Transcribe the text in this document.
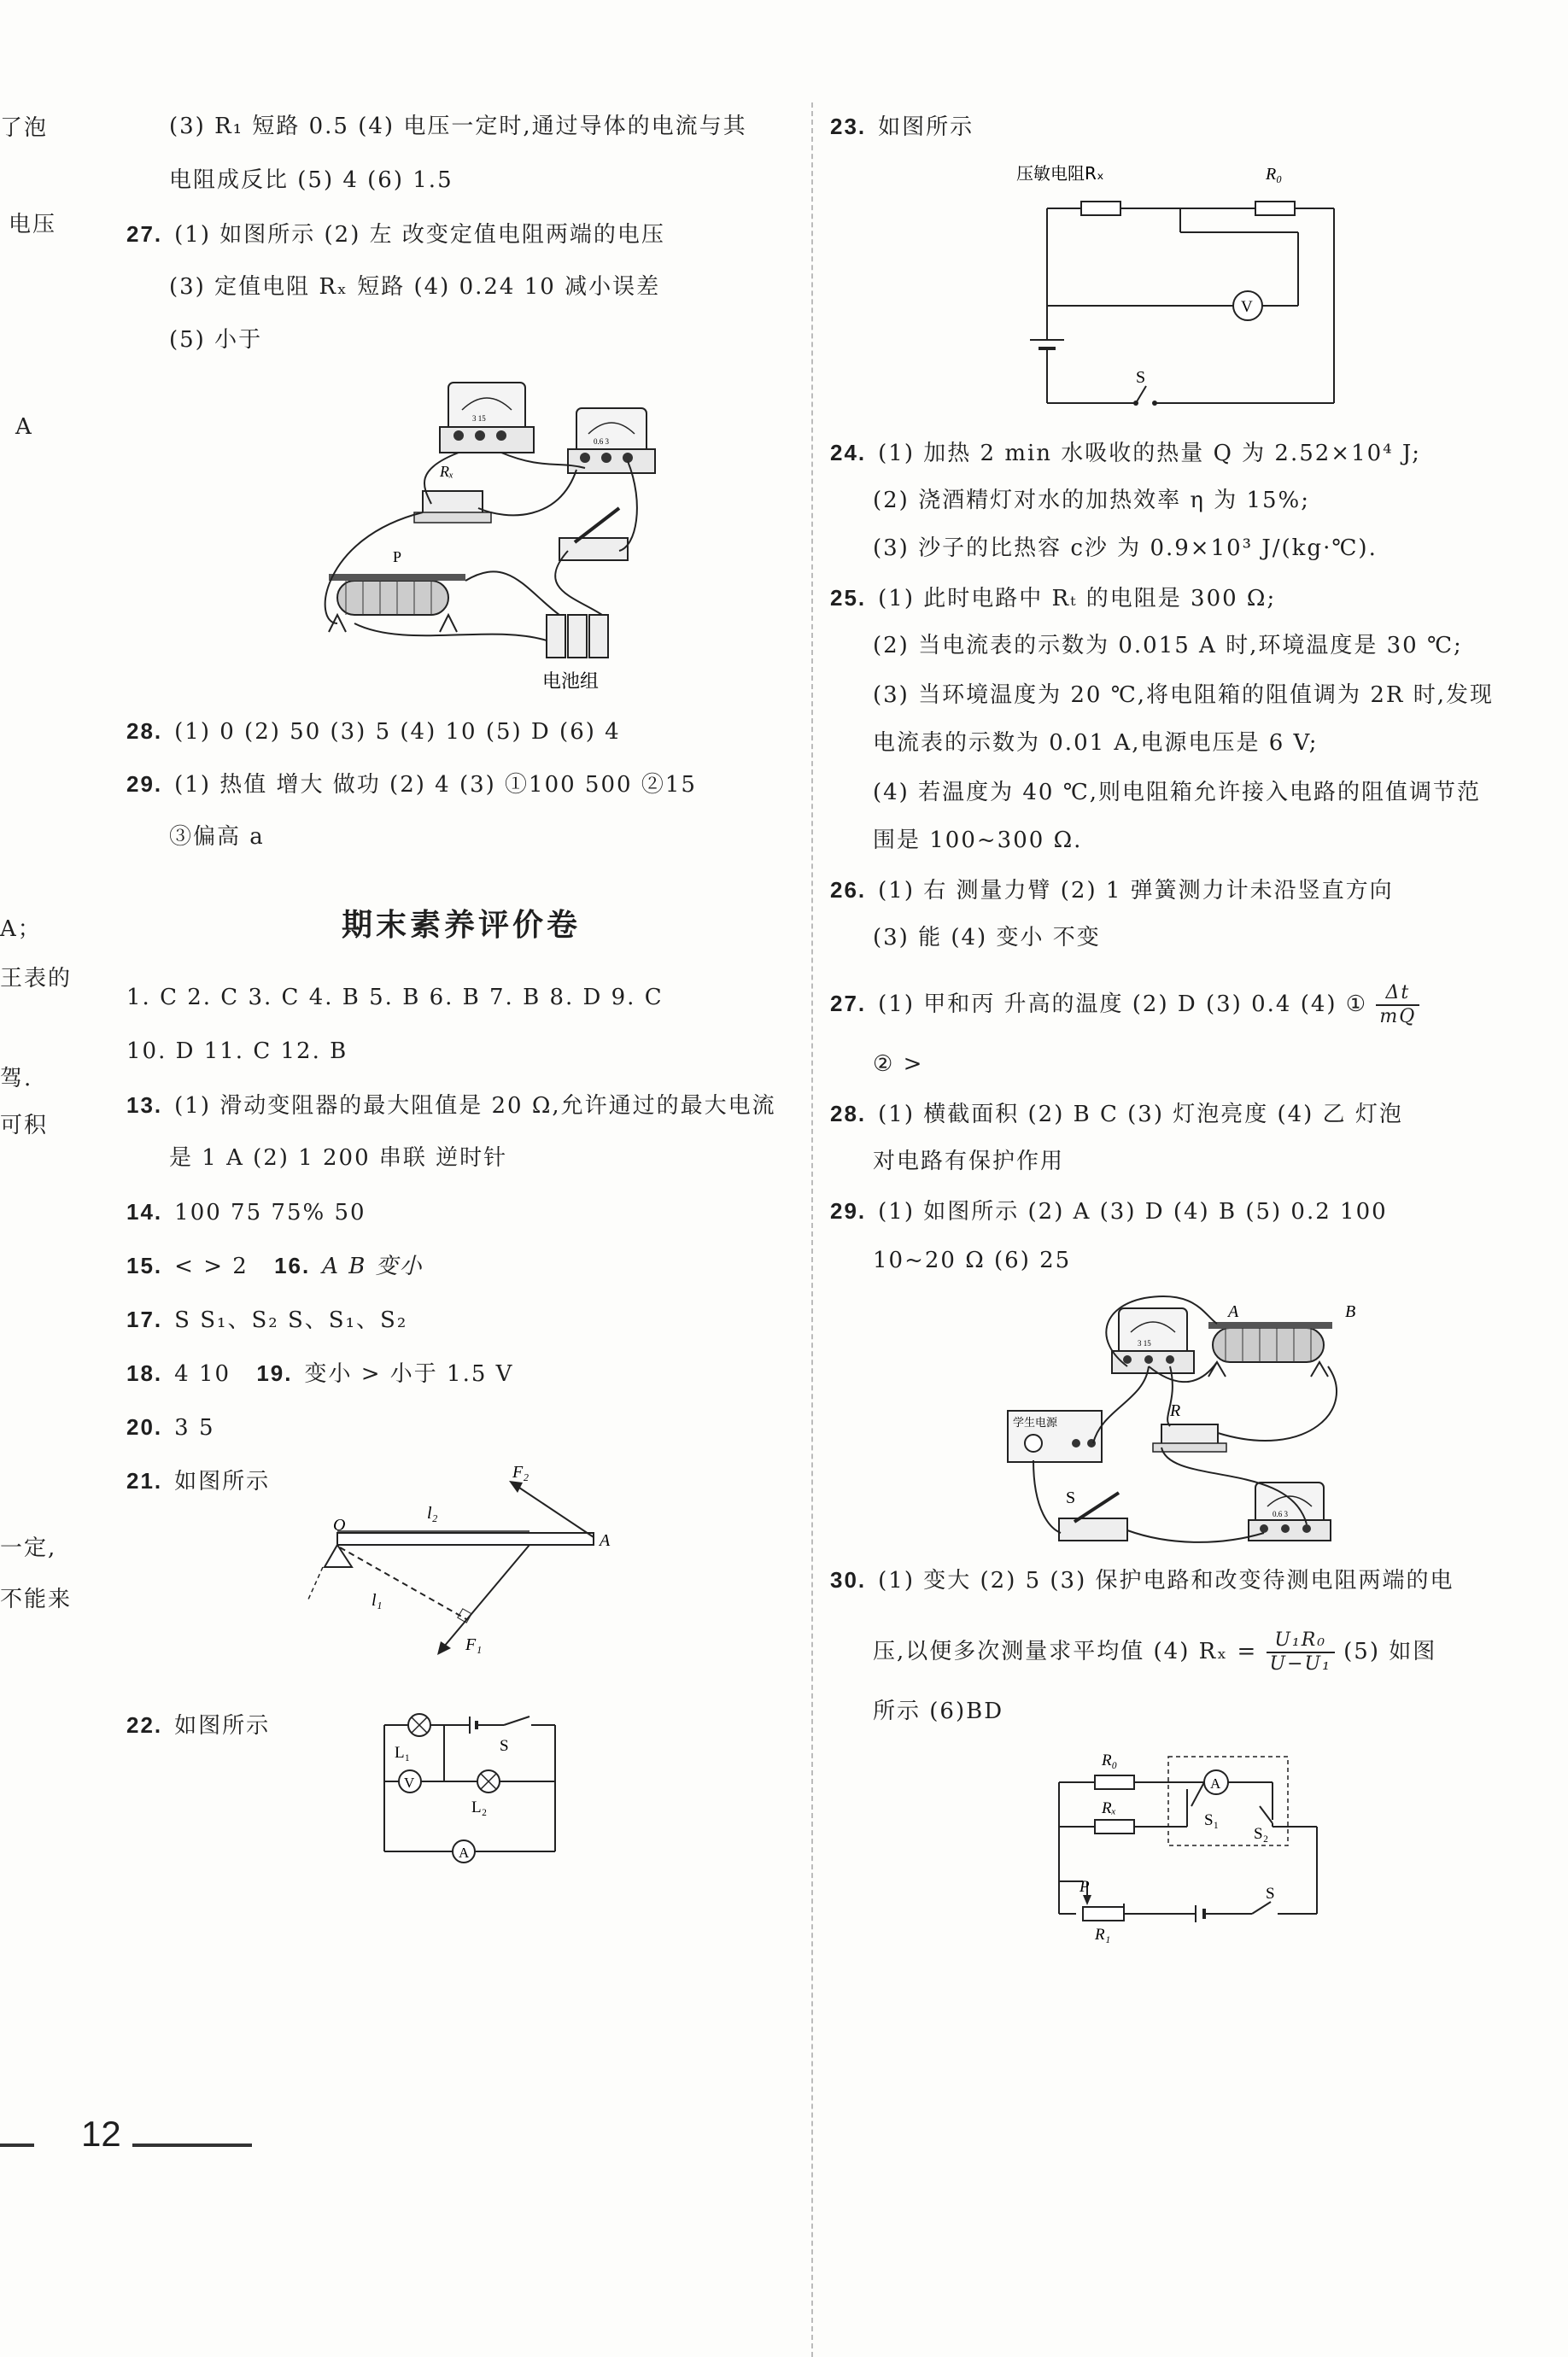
了泡
电压
A
A；
王表的
驾.
可积
一定,
不能来
(3) R₁ 短路 0.5 (4) 电压一定时,通过导体的电流与其
电阻成反比 (5) 4 (6) 1.5
27. (1) 如图所示 (2) 左 改变定值电阻两端的电压
(3) 定值电阻 Rₓ 短路 (4) 0.24 10 减小误差
(5) 小于
3 15
0.6 3
Rₓ
P
电池组
28. (1) 0 (2) 50 (3) 5 (4) 10 (5) D (6) 4
29. (1) 热值 增大 做功 (2) 4 (3) ①100 500 ②15
③偏高 a
期末素养评价卷
1. C 2. C 3. C 4. B 5. B 6. B 7. B 8. D 9. C
10. D 11. C 12. B
13. (1) 滑动变阻器的最大阻值是 20 Ω,允许通过的最大电流
是 1 A (2) 1 200 串联 逆时针
14. 100 75 75% 50
15. < > 2 16. A B 变小
17. S S₁、S₂ S、S₁、S₂
18. 4 10 19. 变小 > 小于 1.5 V
20. 3 5
21. 如图所示
O
A
F₂
F₁
l₂
l₁
22. 如图所示
V
A
S
L₁
L₂
23. 如图所示
V
压敏电阻Rₓ	R₀
S
24. (1) 加热 2 min 水吸收的热量 Q 为 2.52×10⁴ J;
(2) 浇酒精灯对水的加热效率 η 为 15%;
(3) 沙子的比热容 c沙 为 0.9×10³ J/(kg·℃).
25. (1) 此时电路中 Rₜ 的电阻是 300 Ω;
(2) 当电流表的示数为 0.015 A 时,环境温度是 30 ℃;
(3) 当环境温度为 20 ℃,将电阻箱的阻值调为 2R 时,发现
电流表的示数为 0.01 A,电源电压是 6 V;
(4) 若温度为 40 ℃,则电阻箱允许接入电路的阻值调节范
围是 100~300 Ω.
26. (1) 右 测量力臂 (2) 1 弹簧测力计未沿竖直方向
(3) 能 (4) 变小 不变
27. (1) 甲和丙 升高的温度 (2) D (3) 0.4 (4) ① $\frac{\Delta t}{mQ}$
② >
28. (1) 横截面积 (2) B C (3) 灯泡亮度 (4) 乙 灯泡
对电路有保护作用
29. (1) 如图所示 (2) A (3) D (4) B (5) 0.2 100
10~20 Ω (6) 25
3 15
A	B
学生电源
R
S
0.6 3
30. (1) 变大 (2) 5 (3) 保护电路和改变待测电阻两端的电
压,以便多次测量求平均值 (4) $R_x = \frac{\text{U₁R₀}}{\text{U−U₁}} (5)$ 如图
所示 (6)BD
A
R₀
Rₓ
S₁
S₂
P
R₁
S
12
